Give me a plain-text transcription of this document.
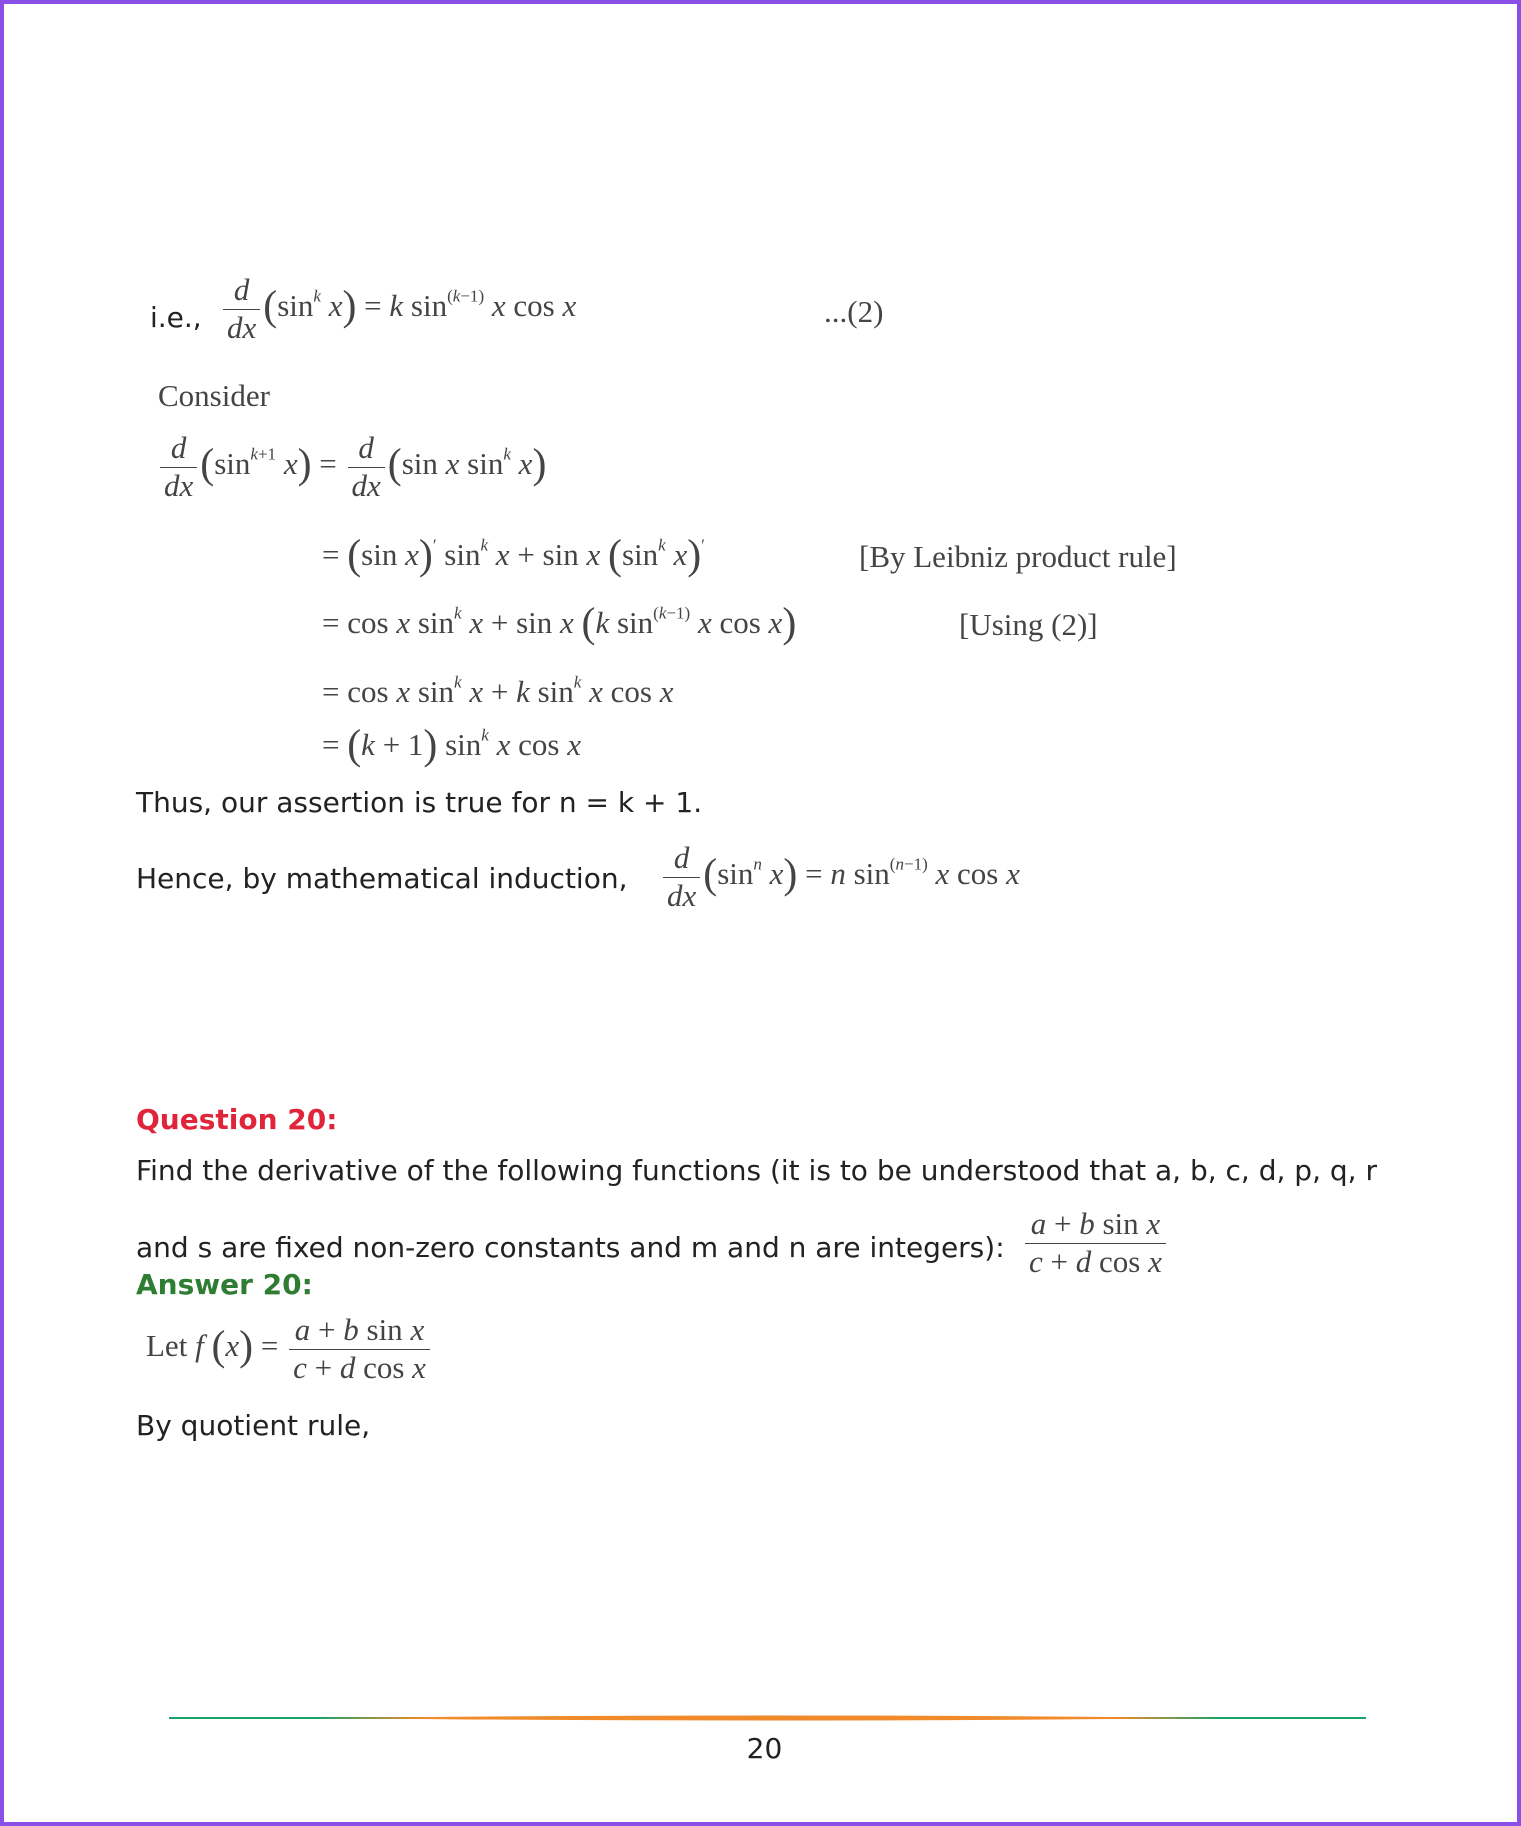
i.e., $\frac{d}{dx} (\sin^k$ x) = k $\sin^{(k-1)} x$ cos x	...(2)
Consider
$\frac{d}{dx} (\sin^{k+1}$ $x) = \frac{d}{dx} (\sin$ x $\sin^k x$)
= (sin x)′ $\sin^k x + \sin x$ ($\sin^k$ x)′	[By Leibniz product rule]
= cos x $\sin^k x + \sin x$ (k $\sin^{(k-1)} x$ cos x)	[Using (2)]
= cos x $\sin^k x + k$ $\sin^k x$ cos x
= (k + 1) $\sin^k x$ cos x
Thus, our assertion is true for n = k + 1.
Hence, by mathematical induction, $\frac{d}{dx} (\sin^n$ x) = n $\sin^{(n-1)} x$ cos x
Question 20:
Find the derivative of the following functions (it is to be understood that a, b, c, d, p, q, r
and s are fixed non-zero constants and m and n are integers): $\frac{\text{a + b sin x}}{\text{c + d cos x}}$
Answer 20:
Let f $(x) = \frac{\text{a + b sin x}}{\text{c + d cos x}}$
By quotient rule,
20
